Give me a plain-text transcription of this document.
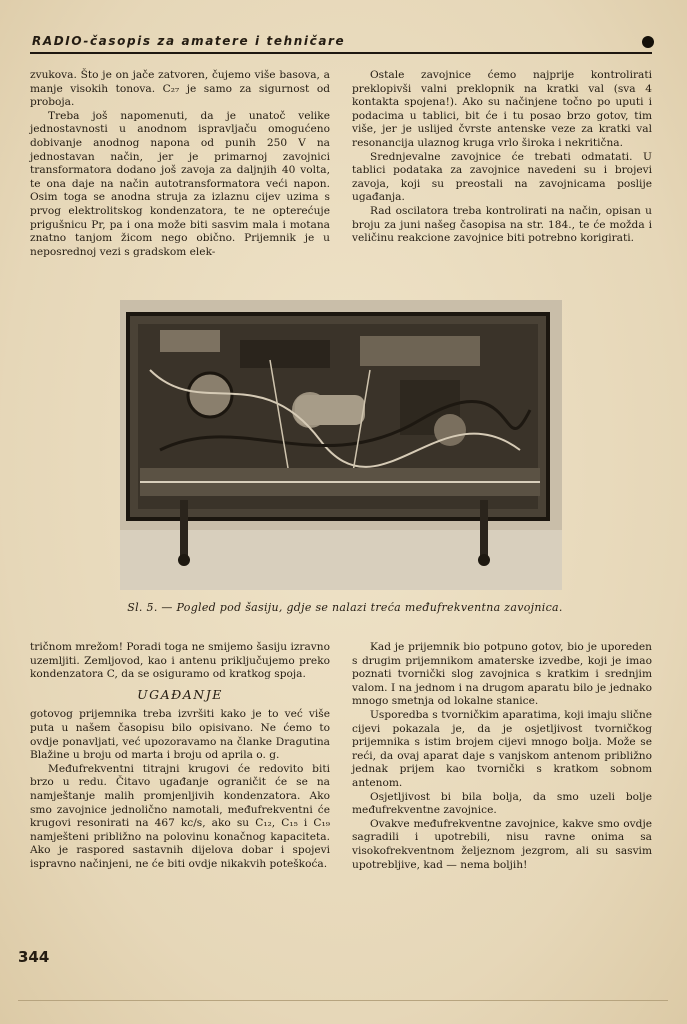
RADIO-časopis za amatere i tehničare

zvukova. Što je on jače zatvoren, čujemo više basova, a manje visokih tonova. C₂₇ je samo za sigurnost od proboja.

Treba još napomenuti, da je unatoč velike jednostavnosti u anodnom ispravljaču omogućeno dobivanje anodnog napona od punih 250 V na jednostavan način, jer je primarnoj zavojnici transformatora dodano još zavoja za daljnjih 40 volta, te ona daje na način autotransformatora veći napon. Osim toga se anodna struja za izlaznu cijev uzima s prvog elektrolitskog kondenzatora, te ne opterećuje prigušnicu Pr, pa i ona može biti sasvim mala i motana znatno tanjom žicom nego obično. Prijemnik je u neposrednoj vezi s gradskom elek-

Ostale zavojnice ćemo najprije kontrolirati preklopivši valni preklopnik na kratki val (sva 4 kontakta spojena!). Ako su načinjene točno po uputi i podacima u tablici, bit će i tu posao brzo gotov, tim više, jer je uslijed čvrste antenske veze za kratki val resonancija ulaznog kruga vrlo široka i nekritična.

Srednjevalne zavojnice će trebati odmatati. U tablici podataka za zavojnice navedeni su i brojevi zavoja, koji su preostali na zavojnicama poslije ugađanja.

Rad oscilatora treba kontrolirati na način, opisan u broju za juni našeg časopisa na str. 184., te će možda i veličinu reakcione zavojnice biti potrebno korigirati.

Sl. 5. — Pogled pod šasiju, gdje se nalazi treća međufrekventna zavojnica.

tričnom mrežom! Poradi toga ne smijemo šasiju izravno uzemljiti. Zemljovod, kao i antenu priključujemo preko kondenzatora C, da se osiguramo od kratkog spoja.

UGAĐANJE

gotovog prijemnika treba izvršiti kako je to već više puta u našem časopisu bilo opisivano. Ne ćemo to ovdje ponavljati, već upozoravamo na članke Dragutina Blažine u broju od marta i broju od aprila o. g.

Međufrekventni titrajni krugovi će redovito biti brzo u redu. Čitavo ugađanje ograničit će se na namještanje malih promjenljivih kondenzatora. Ako smo zavojnice jednolično namotali, međufrekventni će krugovi resonirati na 467 kc/s, ako su C₁₂, C₁₅ i C₁₉ namješteni približno na polovinu konačnog kapaciteta. Ako je raspored sastavnih dijelova dobar i spojevi ispravno načinjeni, ne će biti ovdje nikakvih poteškoća.

Kad je prijemnik bio potpuno gotov, bio je uporeden s drugim prijemnikom amaterske izvedbe, koji je imao poznati tvornički slog zavojnica s kratkim i srednjim valom. I na jednom i na drugom aparatu bilo je jednako mnogo smetnja od lokalne stanice.

Usporedba s tvorničkim aparatima, koji imaju slične cijevi pokazala je, da je osjetljivost tvorničkog prijemnika s istim brojem cijevi mnogo bolja. Može se reći, da ovaj aparat daje s vanjskom antenom približno jednak prijem kao tvornički s kratkom sobnom antenom.

Osjetljivost bi bila bolja, da smo uzeli bolje međufrekventne zavojnice.

Ovakve međufrekventne zavojnice, kakve smo ovdje sagradili i upotrebili, nisu ravne onima sa visokofrekventnom željeznom jezgrom, ali su sasvim upotrebljive, kad — nema boljih!

344
